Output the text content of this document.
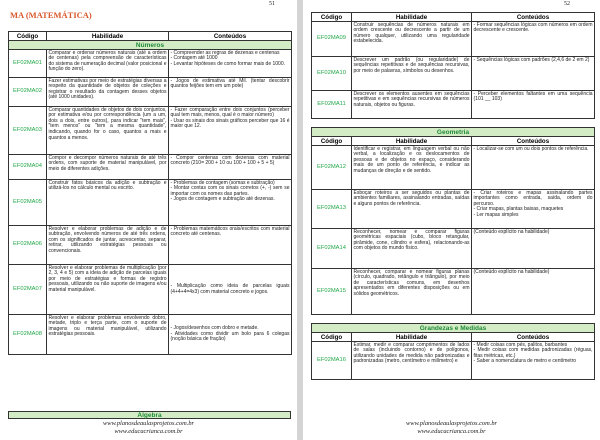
51
MA (MATEMÁTICA)
Código	Habilidade	Conteúdos
Números		
EF02MA01	Comparar e ordenar números naturais (até a ordem de centenas) pela compreensão de características do sistema de numeração decimal (valor posicional e função do zero).	- Compreender as regras de dezenas e centenas
- Contagem até 1000
- Levantar hipóteses de como formar mais de 1000.
EF02MA02	Fazer estimativas por meio de estratégias diversas a respeito da quantidade de objetos de coleções e registrar o resultado da contagem desses objetos (até 1000 unidades).	- Jogos de estimativa até Mil. (tentar descobrir quantos feijões tem em um pote)
EF02MA03	Comparar quantidades de objetos de dois conjuntos, por estimativa e/ou por correspondência (um a um, dois a dois, entre outros), para indicar "tem mais", "tem menos" ou "tem a mesma quantidade", indicando, quando for o caso, quantos a mais e quantos a menos.	- Fazer comparação entre dois conjuntos (perceber qual tem mais, menos, qual é o maior número)
- Usar os sinais dos sinais gráficos perceber que 16 é maior que 12.
EF02MA04	Compor e decompor números naturais de até três ordens, com suporte de material manipulável, por meio de diferentes adições.	- Compor centenas com dezenas com material concreto (210= 200 + 10 ou 100 + 100 + 5 + 5)
EF02MA05	Construir fatos básicos da adição e subtração e utilizá-los no cálculo mental ou escrito.	- Problemas de contagem (somas e subtração)
- Montar contas com os sinais corretos (+, -) sem se importar com os nomes das partes.
- Jogos de contagem e subtração até dezenas.
EF02MA06	Resolver e elaborar problemas de adição e de subtração, envolvendo números de até três ordens, com os significados de juntar, acrescentar, separar, retirar, utilizando estratégias pessoais ou convencionais.	- Problemas matemáticos orais/escritos com material concreto até centenas.
EF02MA07	Resolver e elaborar problemas de multiplicação (por 2, 3, 4 e 5) com a ideia de adição de parcelas iguais por meio de estratégias e formas de registro pessoais, utilizando ou não suporte de imagens e/ou material manipulável.	- Multiplicação como ideia de parcelas iguais (4+4+4=4x3) com material concreto e jogos.
EF02MA08	Resolver e elaborar problemas envolvendo dobro, metade, triplo e terça parte, com o suporte de imagens ou material manipulável, utilizando estratégias pessoais.	- Jogos/desenhos com dobro e metade.
- Atividades como dividir um bolo para 6 colegas (noção básica de fração)
Álgebra
www.planosdeaulasprojetos.com.br
www.educacrianca.com.br
52
Código	Habilidade	Conteúdos
EF02MA09	Construir sequências de números naturais em ordem crescente ou decrescente a partir de um número qualquer, utilizando uma regularidade estabelecida.	- Formar sequências lógicas com números em ordem decrescente e crescente.
EF02MA10	Descrever um padrão (ou regularidade) de sequências repetitivas e de sequências recursivas, por meio de palavras, símbolos ou desenhos.	- Sequências lógicas com padrões (2,4,6 de 2 em 2)
EF02MA11	Descrever os elementos ausentes em sequências repetitivas e em sequências recursivas de números naturais, objetos ou figuras.	- Perceber elementos faltantes em uma sequência (101 __ 103)

Geometria		
Código	Habilidade	Conteúdos
EF02MA12	Identificar e registrar, em linguagem verbal ou não verbal, a localização e os deslocamentos de pessoas e de objetos no espaço, considerando mais de um ponto de referência, e indicar as mudanças de direção e de sentido.	- Localizar-se com um ou dois pontos de referência.
EF02MA13	Esboçar roteiros a ser seguidos ou plantas de ambientes familiares, assinalando entradas, saídas e alguns pontos de referência.	- Criar roteiros e mapas assinalando partes importantes como entrada, saída, ordem do percurso.
- Criar mapas, plantas baixas, maquetes
- Ler mapas simples
EF02MA14	Reconhecer, nomear e comparar figuras geométricas espaciais (cubo, bloco retangular, pirâmide, cone, cilindro e esfera), relacionando-as com objetos do mundo físico.	(Conteúdo explícito na habilidade)
EF02MA15	Reconhecer, comparar e nomear figuras planas (círculo, quadrado, retângulo e triângulo), por meio de características comuns, em desenhos apresentados em diferentes disposições ou em sólidos geométricos.	(Conteúdo explícito na habilidade)

Grandezas e Medidas		
Código	Habilidade	Conteúdos
EF02MA16	Estimar, medir e comparar comprimentos de lados de salas (incluindo contorno) e de polígonos, utilizando unidades de medida não padronizadas e padronizadas (metro, centímetro e milímetro) e	- Medir coisas com pés, palitos, barbantes
- Medir coisas com medidas padronizadas (réguas, fitas métricas, etc.)
- Saber a nomenclatura de metro e centímetro
www.planosdeaulasprojetos.com.br
www.educacrianca.com.br
